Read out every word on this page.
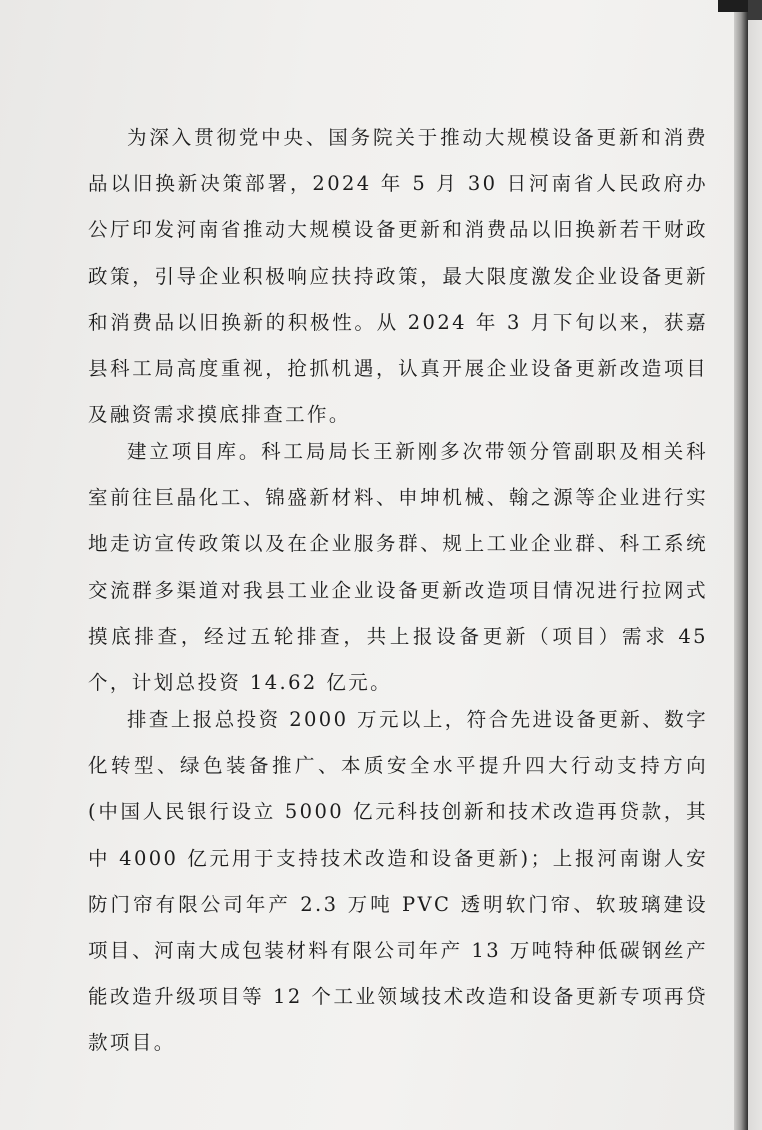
为深入贯彻党中央、国务院关于推动大规模设备更新和消费品以旧换新决策部署，2024 年 5 月 30 日河南省人民政府办公厅印发河南省推动大规模设备更新和消费品以旧换新若干财政政策，引导企业积极响应扶持政策，最大限度激发企业设备更新和消费品以旧换新的积极性。从 2024 年 3 月下旬以来，获嘉县科工局高度重视，抢抓机遇，认真开展企业设备更新改造项目及融资需求摸底排查工作。

建立项目库。科工局局长王新刚多次带领分管副职及相关科室前往巨晶化工、锦盛新材料、申坤机械、翰之源等企业进行实地走访宣传政策以及在企业服务群、规上工业企业群、科工系统交流群多渠道对我县工业企业设备更新改造项目情况进行拉网式摸底排查，经过五轮排查，共上报设备更新（项目）需求 45 个，计划总投资 14.62 亿元。

排查上报总投资 2000 万元以上，符合先进设备更新、数字化转型、绿色装备推广、本质安全水平提升四大行动支持方向(中国人民银行设立 5000 亿元科技创新和技术改造再贷款，其中 4000 亿元用于支持技术改造和设备更新)；上报河南谢人安防门帘有限公司年产 2.3 万吨 PVC 透明软门帘、软玻璃建设项目、河南大成包装材料有限公司年产 13 万吨特种低碳钢丝产能改造升级项目等 12 个工业领域技术改造和设备更新专项再贷款项目。
